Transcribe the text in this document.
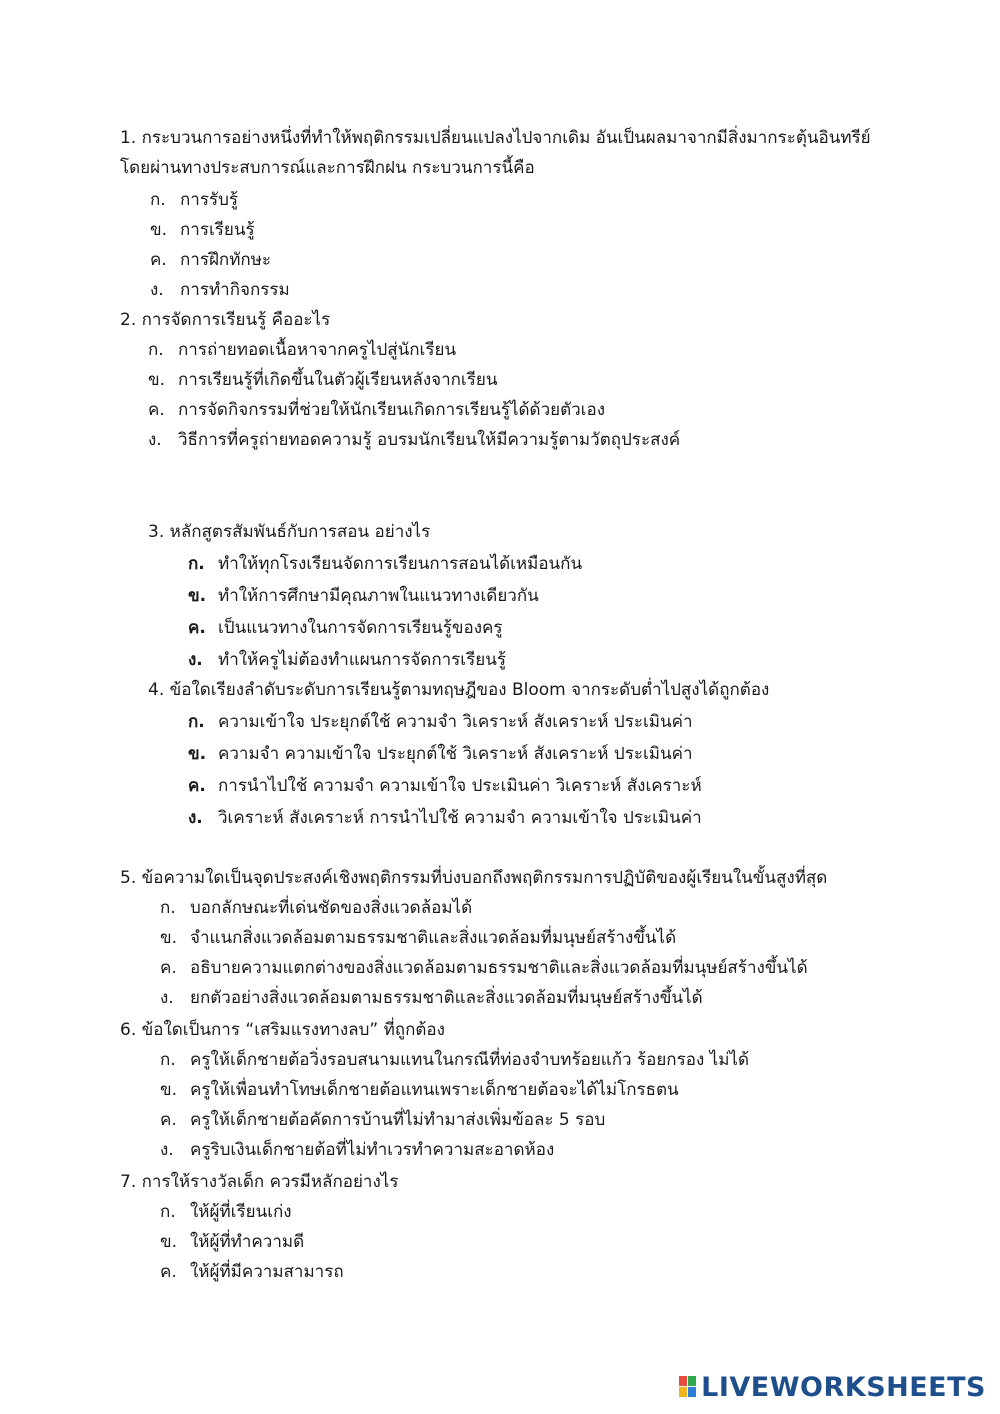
1. กระบวนการอย่างหนึ่งที่ทำให้พฤติกรรมเปลี่ยนแปลงไปจากเดิม อันเป็นผลมาจากมีสิ่งมากระตุ้นอินทรีย์
โดยผ่านทางประสบการณ์และการฝึกฝน กระบวนการนี้คือ
ก. การรับรู้
ข. การเรียนรู้
ค. การฝึกทักษะ
ง. การทำกิจกรรม
2. การจัดการเรียนรู้ คืออะไร
ก. การถ่ายทอดเนื้อหาจากครูไปสู่นักเรียน
ข. การเรียนรู้ที่เกิดขึ้นในตัวผู้เรียนหลังจากเรียน
ค. การจัดกิจกรรมที่ช่วยให้นักเรียนเกิดการเรียนรู้ได้ด้วยตัวเอง
ง. วิธีการที่ครูถ่ายทอดความรู้ อบรมนักเรียนให้มีความรู้ตามวัตถุประสงค์
3. หลักสูตรสัมพันธ์กับการสอน อย่างไร
ก. ทำให้ทุกโรงเรียนจัดการเรียนการสอนได้เหมือนกัน
ข. ทำให้การศึกษามีคุณภาพในแนวทางเดียวกัน
ค. เป็นแนวทางในการจัดการเรียนรู้ของครู
ง. ทำให้ครูไม่ต้องทำแผนการจัดการเรียนรู้
4. ข้อใดเรียงลำดับระดับการเรียนรู้ตามทฤษฎีของ Bloom จากระดับต่ำไปสูงได้ถูกต้อง
ก. ความเข้าใจ ประยุกต์ใช้ ความจำ วิเคราะห์ สังเคราะห์ ประเมินค่า
ข. ความจำ ความเข้าใจ ประยุกต์ใช้ วิเคราะห์ สังเคราะห์ ประเมินค่า
ค. การนำไปใช้ ความจำ ความเข้าใจ ประเมินค่า วิเคราะห์ สังเคราะห์
ง. วิเคราะห์ สังเคราะห์ การนำไปใช้ ความจำ ความเข้าใจ ประเมินค่า
5. ข้อความใดเป็นจุดประสงค์เชิงพฤติกรรมที่บ่งบอกถึงพฤติกรรมการปฏิบัติของผู้เรียนในขั้นสูงที่สุด
ก. บอกลักษณะที่เด่นชัดของสิ่งแวดล้อมได้
ข. จำแนกสิ่งแวดล้อมตามธรรมชาติและสิ่งแวดล้อมที่มนุษย์สร้างขึ้นได้
ค. อธิบายความแตกต่างของสิ่งแวดล้อมตามธรรมชาติและสิ่งแวดล้อมที่มนุษย์สร้างขึ้นได้
ง. ยกตัวอย่างสิ่งแวดล้อมตามธรรมชาติและสิ่งแวดล้อมที่มนุษย์สร้างขึ้นได้
6. ข้อใดเป็นการ “เสริมแรงทางลบ” ที่ถูกต้อง
ก. ครูให้เด็กชายต้อวิ่งรอบสนามแทนในกรณีที่ท่องจำบทร้อยแก้ว ร้อยกรอง ไม่ได้
ข. ครูให้เพื่อนทำโทษเด็กชายต้อแทนเพราะเด็กชายต้อจะได้ไม่โกรธตน
ค. ครูให้เด็กชายต้อคัดการบ้านที่ไม่ทำมาส่งเพิ่มข้อละ 5 รอบ
ง. ครูริบเงินเด็กชายต้อที่ไม่ทำเวรทำความสะอาดห้อง
7. การให้รางวัลเด็ก ควรมีหลักอย่างไร
ก. ให้ผู้ที่เรียนเก่ง
ข. ให้ผู้ที่ทำความดี
ค. ให้ผู้ที่มีความสามารถ
LIVEWORKSHEETS
